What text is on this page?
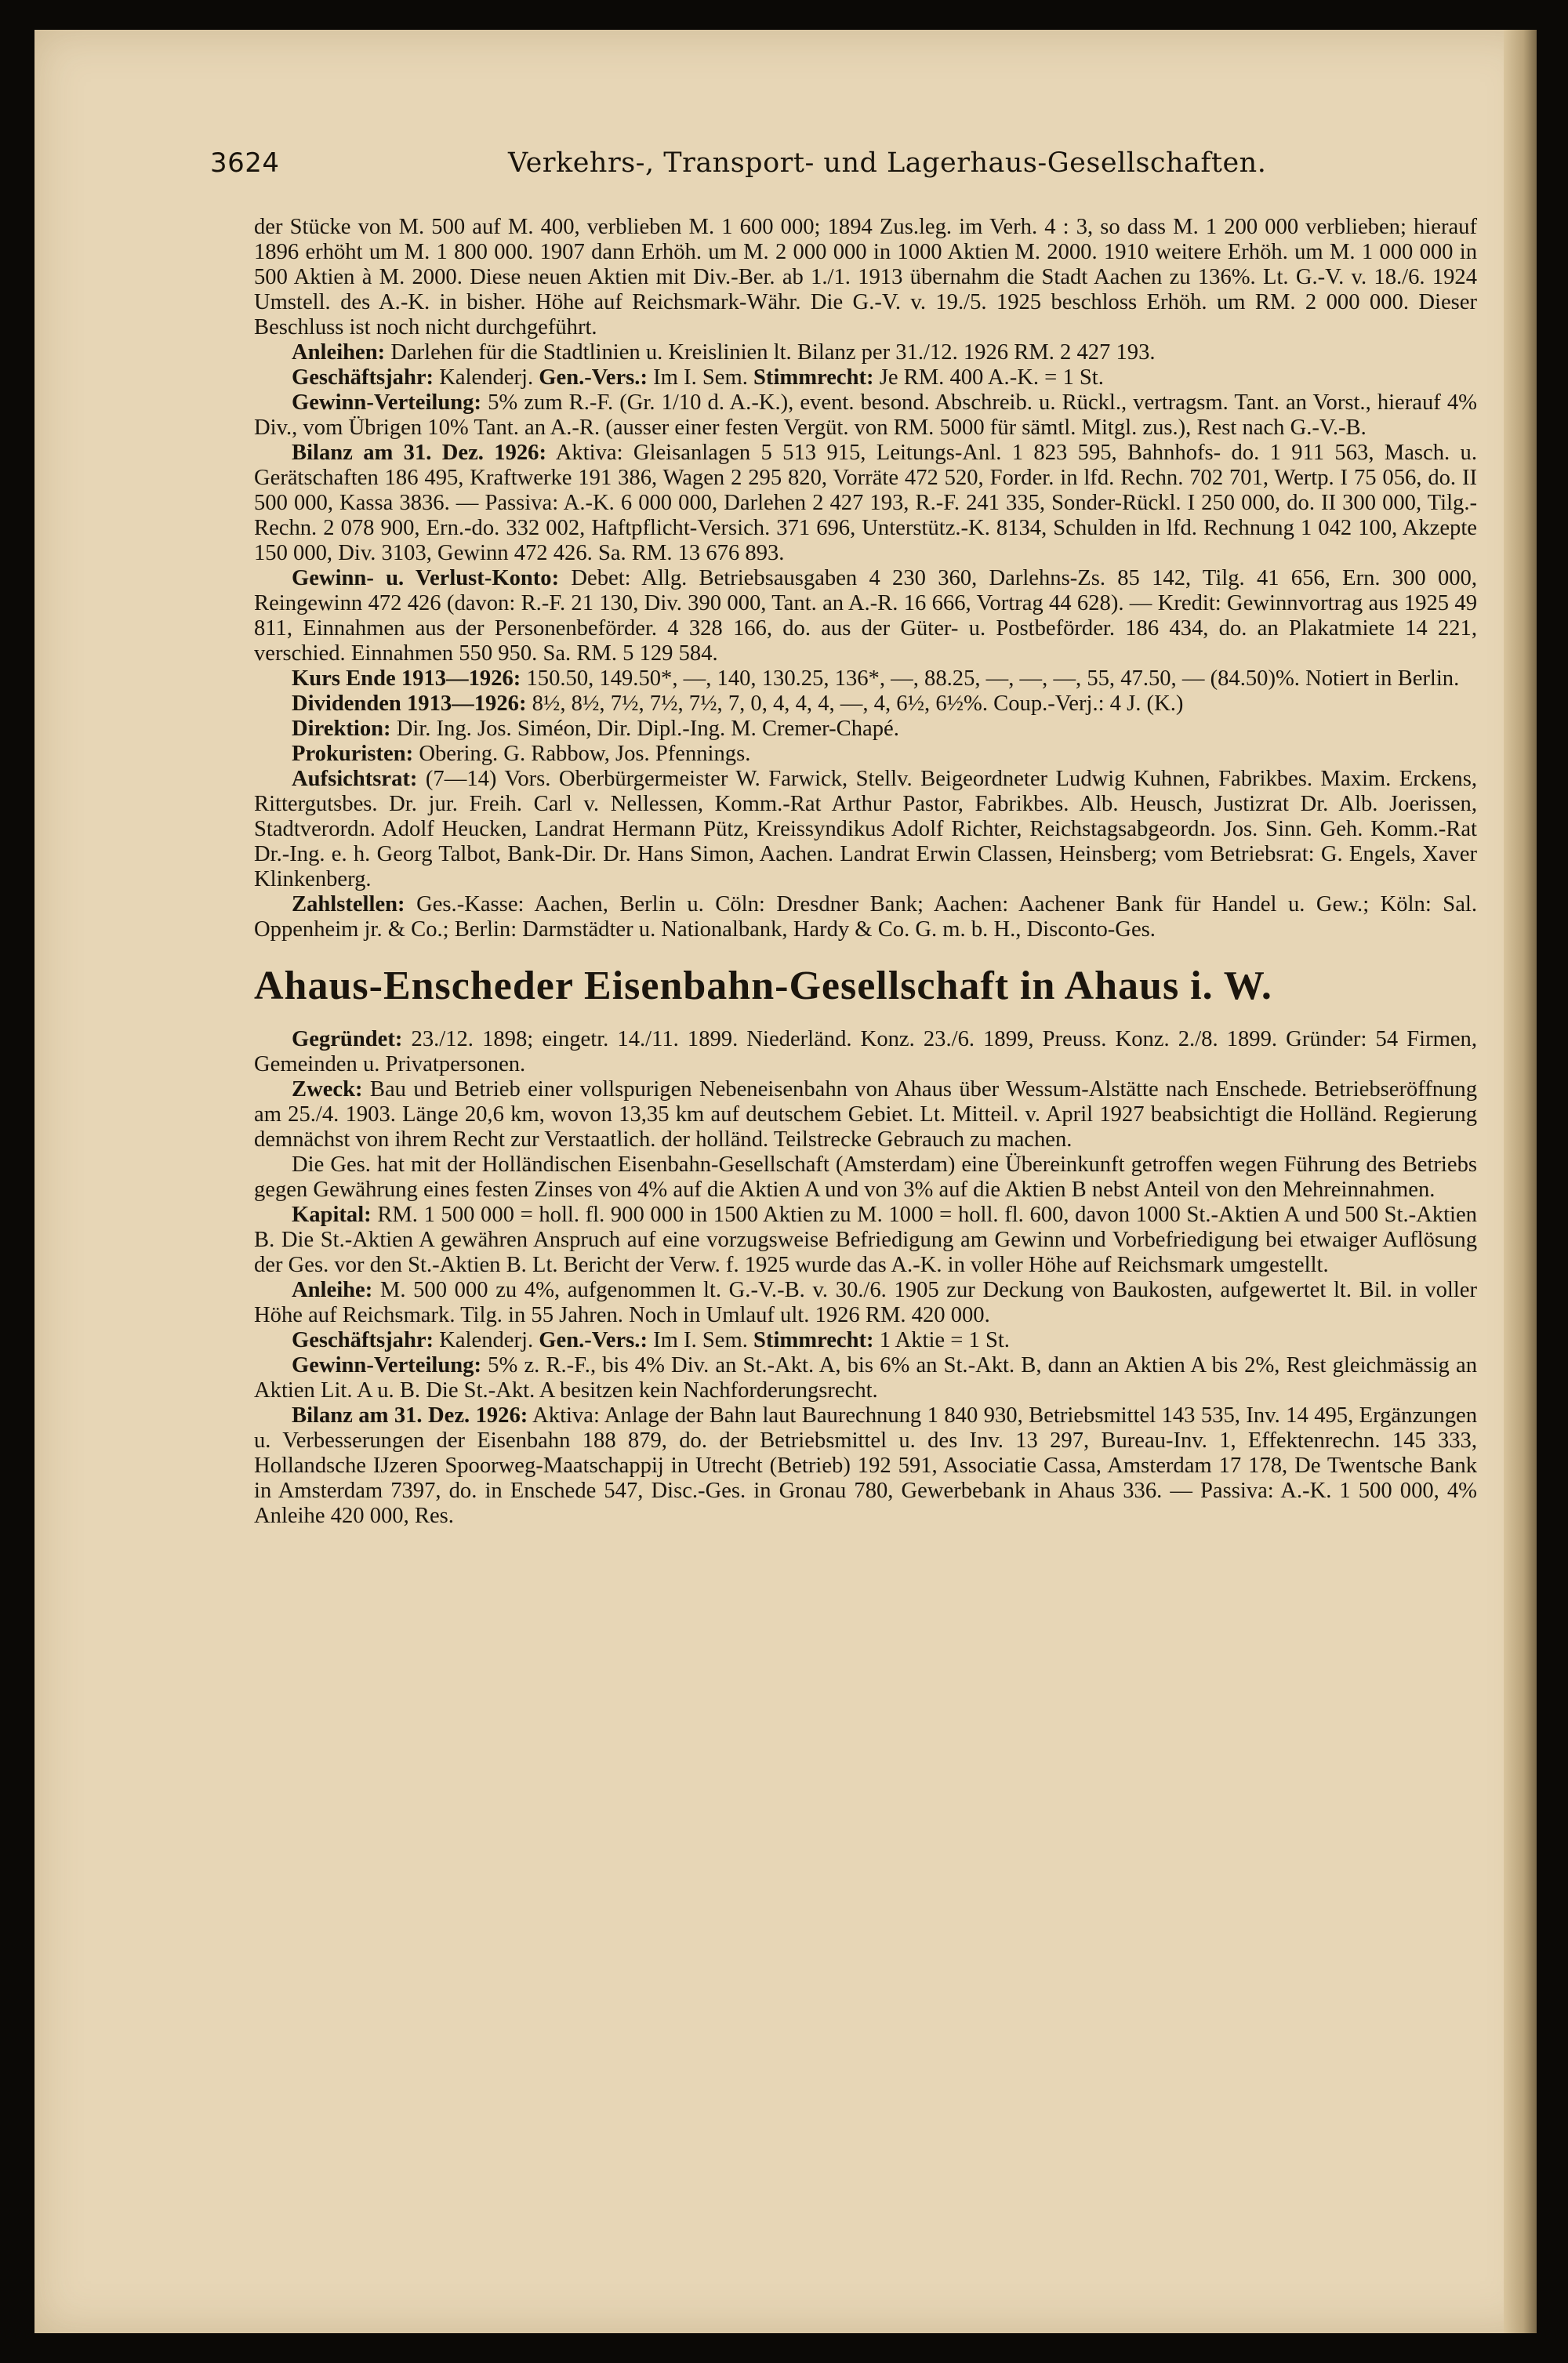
3624	Verkehrs-, Transport- und Lagerhaus-Gesellschaften.

der Stücke von M. 500 auf M. 400, verblieben M. 1 600 000; 1894 Zus.leg. im Verh. 4 : 3, so dass M. 1 200 000 verblieben; hierauf 1896 erhöht um M. 1 800 000. 1907 dann Erhöh. um M. 2 000 000 in 1000 Aktien M. 2000. 1910 weitere Erhöh. um M. 1 000 000 in 500 Aktien à M. 2000. Diese neuen Aktien mit Div.-Ber. ab 1./1. 1913 übernahm die Stadt Aachen zu 136%. Lt. G.-V. v. 18./6. 1924 Umstell. des A.-K. in bisher. Höhe auf Reichsmark-Währ. Die G.-V. v. 19./5. 1925 beschloss Erhöh. um RM. 2 000 000. Dieser Beschluss ist noch nicht durchgeführt.

Anleihen: Darlehen für die Stadtlinien u. Kreislinien lt. Bilanz per 31./12. 1926 RM. 2 427 193.

Geschäftsjahr: Kalenderj. Gen.-Vers.: Im I. Sem. Stimmrecht: Je RM. 400 A.-K. = 1 St.

Gewinn-Verteilung: 5% zum R.-F. (Gr. 1/10 d. A.-K.), event. besond. Abschreib. u. Rückl., vertragsm. Tant. an Vorst., hierauf 4% Div., vom Übrigen 10% Tant. an A.-R. (ausser einer festen Vergüt. von RM. 5000 für sämtl. Mitgl. zus.), Rest nach G.-V.-B.

Bilanz am 31. Dez. 1926: Aktiva: Gleisanlagen 5 513 915, Leitungs-Anl. 1 823 595, Bahnhofs- do. 1 911 563, Masch. u. Gerätschaften 186 495, Kraftwerke 191 386, Wagen 2 295 820, Vorräte 472 520, Forder. in lfd. Rechn. 702 701, Wertp. I 75 056, do. II 500 000, Kassa 3836. — Passiva: A.-K. 6 000 000, Darlehen 2 427 193, R.-F. 241 335, Sonder-Rückl. I 250 000, do. II 300 000, Tilg.-Rechn. 2 078 900, Ern.-do. 332 002, Haftpflicht-Versich. 371 696, Unterstütz.-K. 8134, Schulden in lfd. Rechnung 1 042 100, Akzepte 150 000, Div. 3103, Gewinn 472 426. Sa. RM. 13 676 893.

Gewinn- u. Verlust-Konto: Debet: Allg. Betriebsausgaben 4 230 360, Darlehns-Zs. 85 142, Tilg. 41 656, Ern. 300 000, Reingewinn 472 426 (davon: R.-F. 21 130, Div. 390 000, Tant. an A.-R. 16 666, Vortrag 44 628). — Kredit: Gewinnvortrag aus 1925 49 811, Einnahmen aus der Personenbeförder. 4 328 166, do. aus der Güter- u. Postbeförder. 186 434, do. an Plakatmiete 14 221, verschied. Einnahmen 550 950. Sa. RM. 5 129 584.

Kurs Ende 1913—1926: 150.50, 149.50*, —, 140, 130.25, 136*, —, 88.25, —, —, —, 55, 47.50, — (84.50)%. Notiert in Berlin.

Dividenden 1913—1926: 8½, 8½, 7½, 7½, 7½, 7, 0, 4, 4, 4, —, 4, 6½, 6½%. Coup.-Verj.: 4 J. (K.)

Direktion: Dir. Ing. Jos. Siméon, Dir. Dipl.-Ing. M. Cremer-Chapé.

Prokuristen: Obering. G. Rabbow, Jos. Pfennings.

Aufsichtsrat: (7—14) Vors. Oberbürgermeister W. Farwick, Stellv. Beigeordneter Ludwig Kuhnen, Fabrikbes. Maxim. Erckens, Rittergutsbes. Dr. jur. Freih. Carl v. Nellessen, Komm.-Rat Arthur Pastor, Fabrikbes. Alb. Heusch, Justizrat Dr. Alb. Joerissen, Stadtverordn. Adolf Heucken, Landrat Hermann Pütz, Kreissyndikus Adolf Richter, Reichstagsabgeordn. Jos. Sinn. Geh. Komm.-Rat Dr.-Ing. e. h. Georg Talbot, Bank-Dir. Dr. Hans Simon, Aachen. Landrat Erwin Classen, Heinsberg; vom Betriebsrat: G. Engels, Xaver Klinkenberg.

Zahlstellen: Ges.-Kasse: Aachen, Berlin u. Cöln: Dresdner Bank; Aachen: Aachener Bank für Handel u. Gew.; Köln: Sal. Oppenheim jr. & Co.; Berlin: Darmstädter u. Nationalbank, Hardy & Co. G. m. b. H., Disconto-Ges.

Ahaus-Enscheder Eisenbahn-Gesellschaft in Ahaus i. W.

Gegründet: 23./12. 1898; eingetr. 14./11. 1899. Niederländ. Konz. 23./6. 1899, Preuss. Konz. 2./8. 1899. Gründer: 54 Firmen, Gemeinden u. Privatpersonen.

Zweck: Bau und Betrieb einer vollspurigen Nebeneisenbahn von Ahaus über Wessum-Alstätte nach Enschede. Betriebseröffnung am 25./4. 1903. Länge 20,6 km, wovon 13,35 km auf deutschem Gebiet. Lt. Mitteil. v. April 1927 beabsichtigt die Holländ. Regierung demnächst von ihrem Recht zur Verstaatlich. der holländ. Teilstrecke Gebrauch zu machen.

Die Ges. hat mit der Holländischen Eisenbahn-Gesellschaft (Amsterdam) eine Übereinkunft getroffen wegen Führung des Betriebs gegen Gewährung eines festen Zinses von 4% auf die Aktien A und von 3% auf die Aktien B nebst Anteil von den Mehreinnahmen.

Kapital: RM. 1 500 000 = holl. fl. 900 000 in 1500 Aktien zu M. 1000 = holl. fl. 600, davon 1000 St.-Aktien A und 500 St.-Aktien B. Die St.-Aktien A gewähren Anspruch auf eine vorzugsweise Befriedigung am Gewinn und Vorbefriedigung bei etwaiger Auflösung der Ges. vor den St.-Aktien B. Lt. Bericht der Verw. f. 1925 wurde das A.-K. in voller Höhe auf Reichsmark umgestellt.

Anleihe: M. 500 000 zu 4%, aufgenommen lt. G.-V.-B. v. 30./6. 1905 zur Deckung von Baukosten, aufgewertet lt. Bil. in voller Höhe auf Reichsmark. Tilg. in 55 Jahren. Noch in Umlauf ult. 1926 RM. 420 000.

Geschäftsjahr: Kalenderj. Gen.-Vers.: Im I. Sem. Stimmrecht: 1 Aktie = 1 St.

Gewinn-Verteilung: 5% z. R.-F., bis 4% Div. an St.-Akt. A, bis 6% an St.-Akt. B, dann an Aktien A bis 2%, Rest gleichmässig an Aktien Lit. A u. B. Die St.-Akt. A besitzen kein Nachforderungsrecht.

Bilanz am 31. Dez. 1926: Aktiva: Anlage der Bahn laut Baurechnung 1 840 930, Betriebsmittel 143 535, Inv. 14 495, Ergänzungen u. Verbesserungen der Eisenbahn 188 879, do. der Betriebsmittel u. des Inv. 13 297, Bureau-Inv. 1, Effektenrechn. 145 333, Hollandsche IJzeren Spoorweg-Maatschappij in Utrecht (Betrieb) 192 591, Associatie Cassa, Amsterdam 17 178, De Twentsche Bank in Amsterdam 7397, do. in Enschede 547, Disc.-Ges. in Gronau 780, Gewerbebank in Ahaus 336. — Passiva: A.-K. 1 500 000, 4% Anleihe 420 000, Res.
